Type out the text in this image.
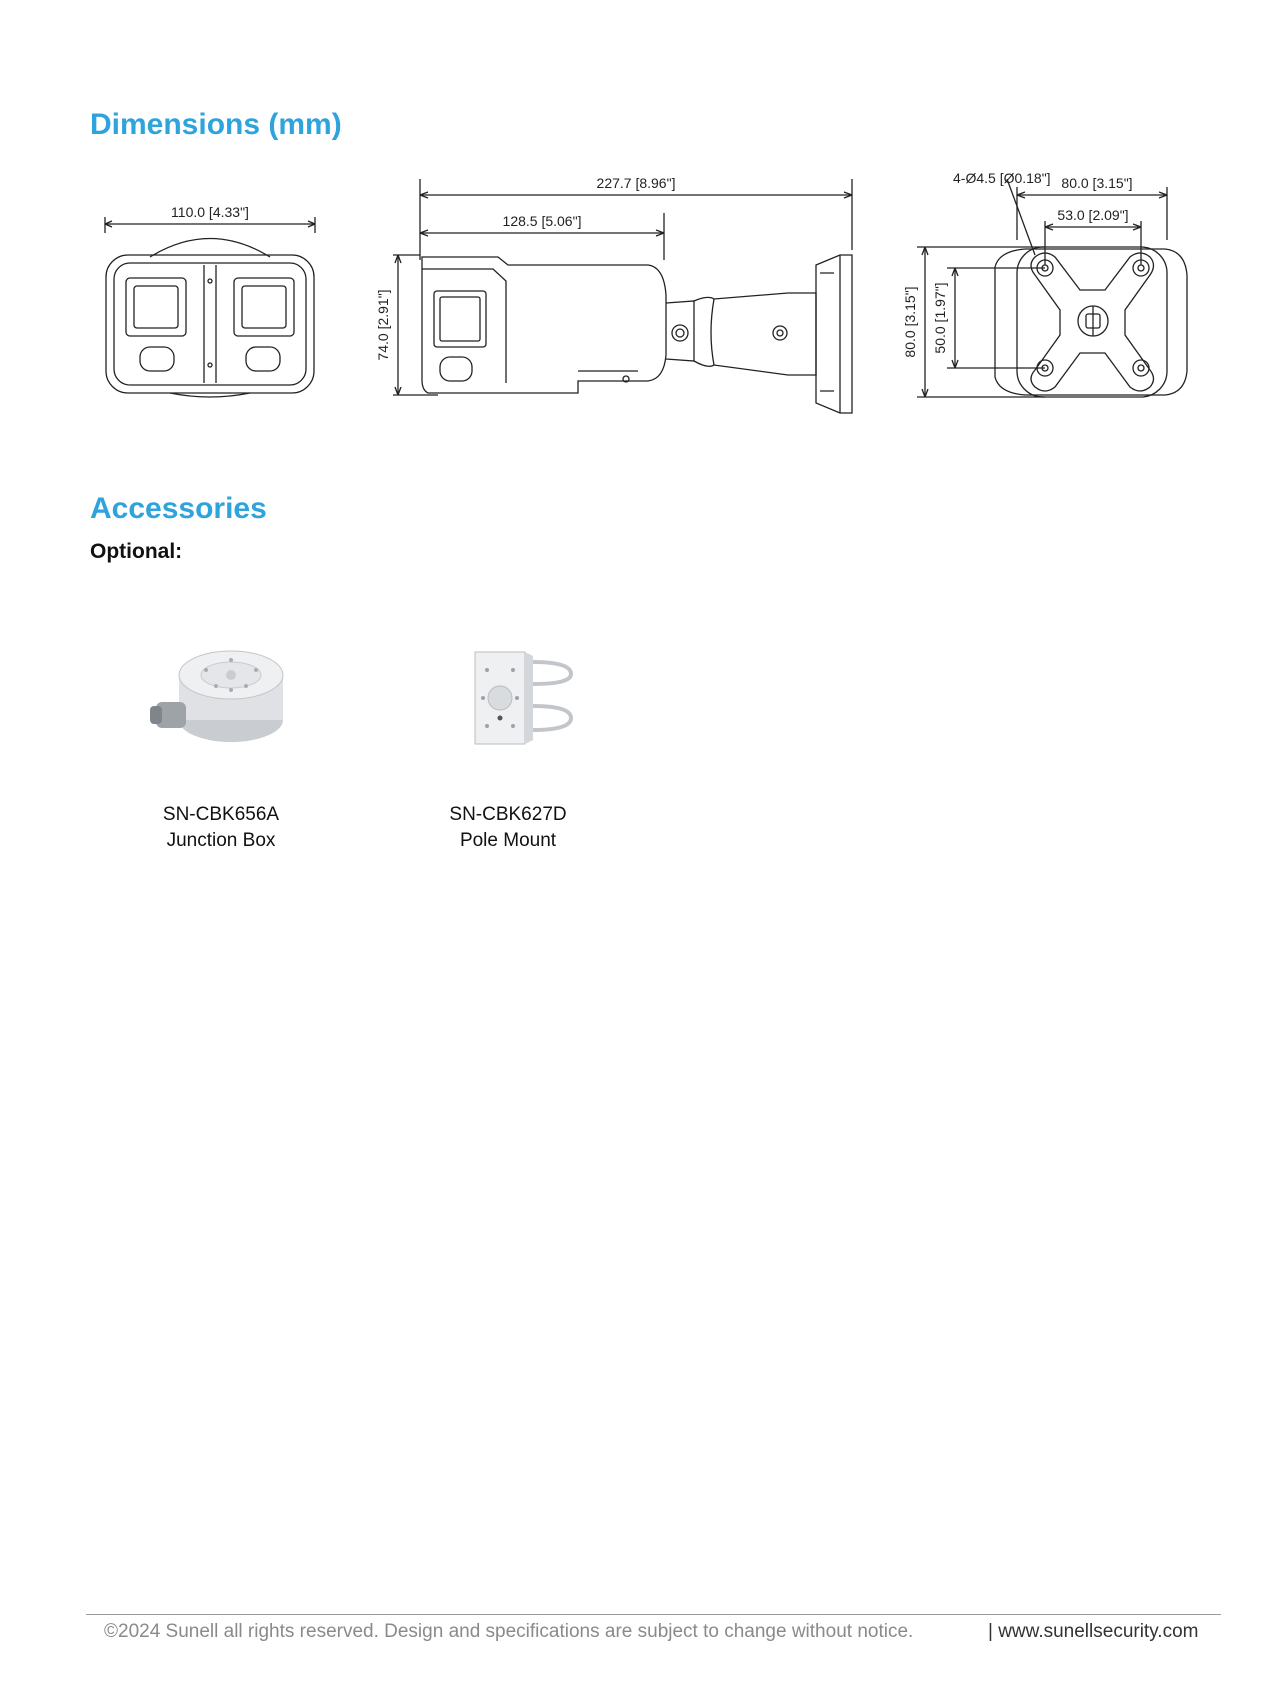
Dimensions (mm)
110.0 [4.33"]
227.7 [8.96"]
128.5 [5.06"]
74.0 [2.91"]
4-Ø4.5 [Ø0.18"] 80.0 [3.15"]
53.0 [2.09"]
80.0 [3.15"] 50.0 [1.97"]
Accessories

Optional:

SN-CBK656A
Junction Box
SN-CBK627D
Pole Mount
©2024 Sunell all rights reserved. Design and specifications are subject to change without notice.	| www.sunellsecurity.com
